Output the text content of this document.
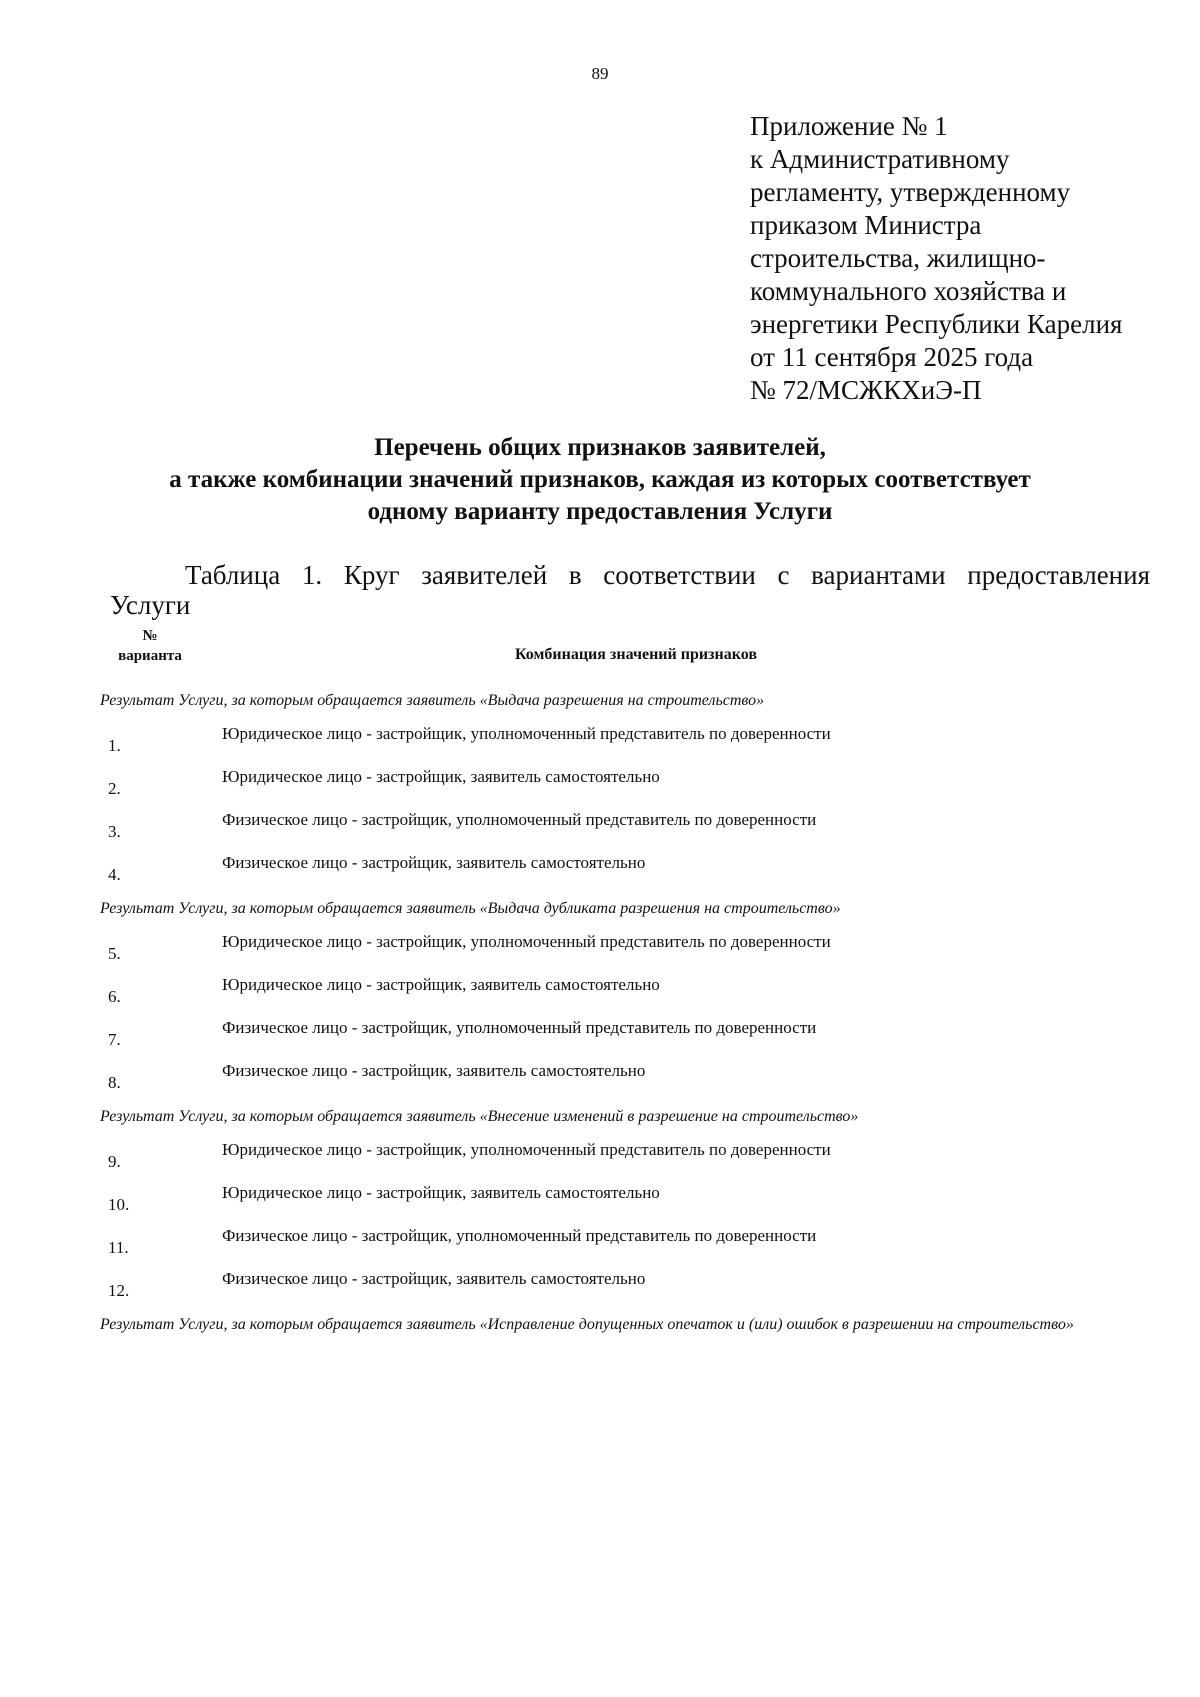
89
Приложение № 1
к Административному
регламенту, утвержденному
приказом Министра
строительства, жилищно-
коммунального хозяйства и
энергетики Республики Карелия
от 11 сентября 2025 года
№ 72/МСЖКХиЭ-П
Перечень общих признаков заявителей,
а также комбинации значений признаков, каждая из которых соответствует
одному варианту предоставления Услуги
Таблица 1. Круг заявителей в соответствии с вариантами предоставления
Услуги
№
варианта	Комбинация значений признаков
Результат Услуги, за которым обращается заявитель «Выдача разрешения на строительство»
1.
Юридическое лицо - застройщик, уполномоченный представитель по доверенности
2.
Юридическое лицо - застройщик, заявитель самостоятельно
3.
Физическое лицо - застройщик, уполномоченный представитель по доверенности
4.
Физическое лицо - застройщик, заявитель самостоятельно
Результат Услуги, за которым обращается заявитель «Выдача дубликата разрешения на строительство»
5.
Юридическое лицо - застройщик, уполномоченный представитель по доверенности
6.
Юридическое лицо - застройщик, заявитель самостоятельно
7.
Физическое лицо - застройщик, уполномоченный представитель по доверенности
8.
Физическое лицо - застройщик, заявитель самостоятельно
Результат Услуги, за которым обращается заявитель «Внесение изменений в разрешение на строительство»
9.
Юридическое лицо - застройщик, уполномоченный представитель по доверенности
10.
Юридическое лицо - застройщик, заявитель самостоятельно
11.
Физическое лицо - застройщик, уполномоченный представитель по доверенности
12.
Физическое лицо - застройщик, заявитель самостоятельно
Результат Услуги, за которым обращается заявитель «Исправление допущенных опечаток и (или) ошибок в разрешении на строительство»
